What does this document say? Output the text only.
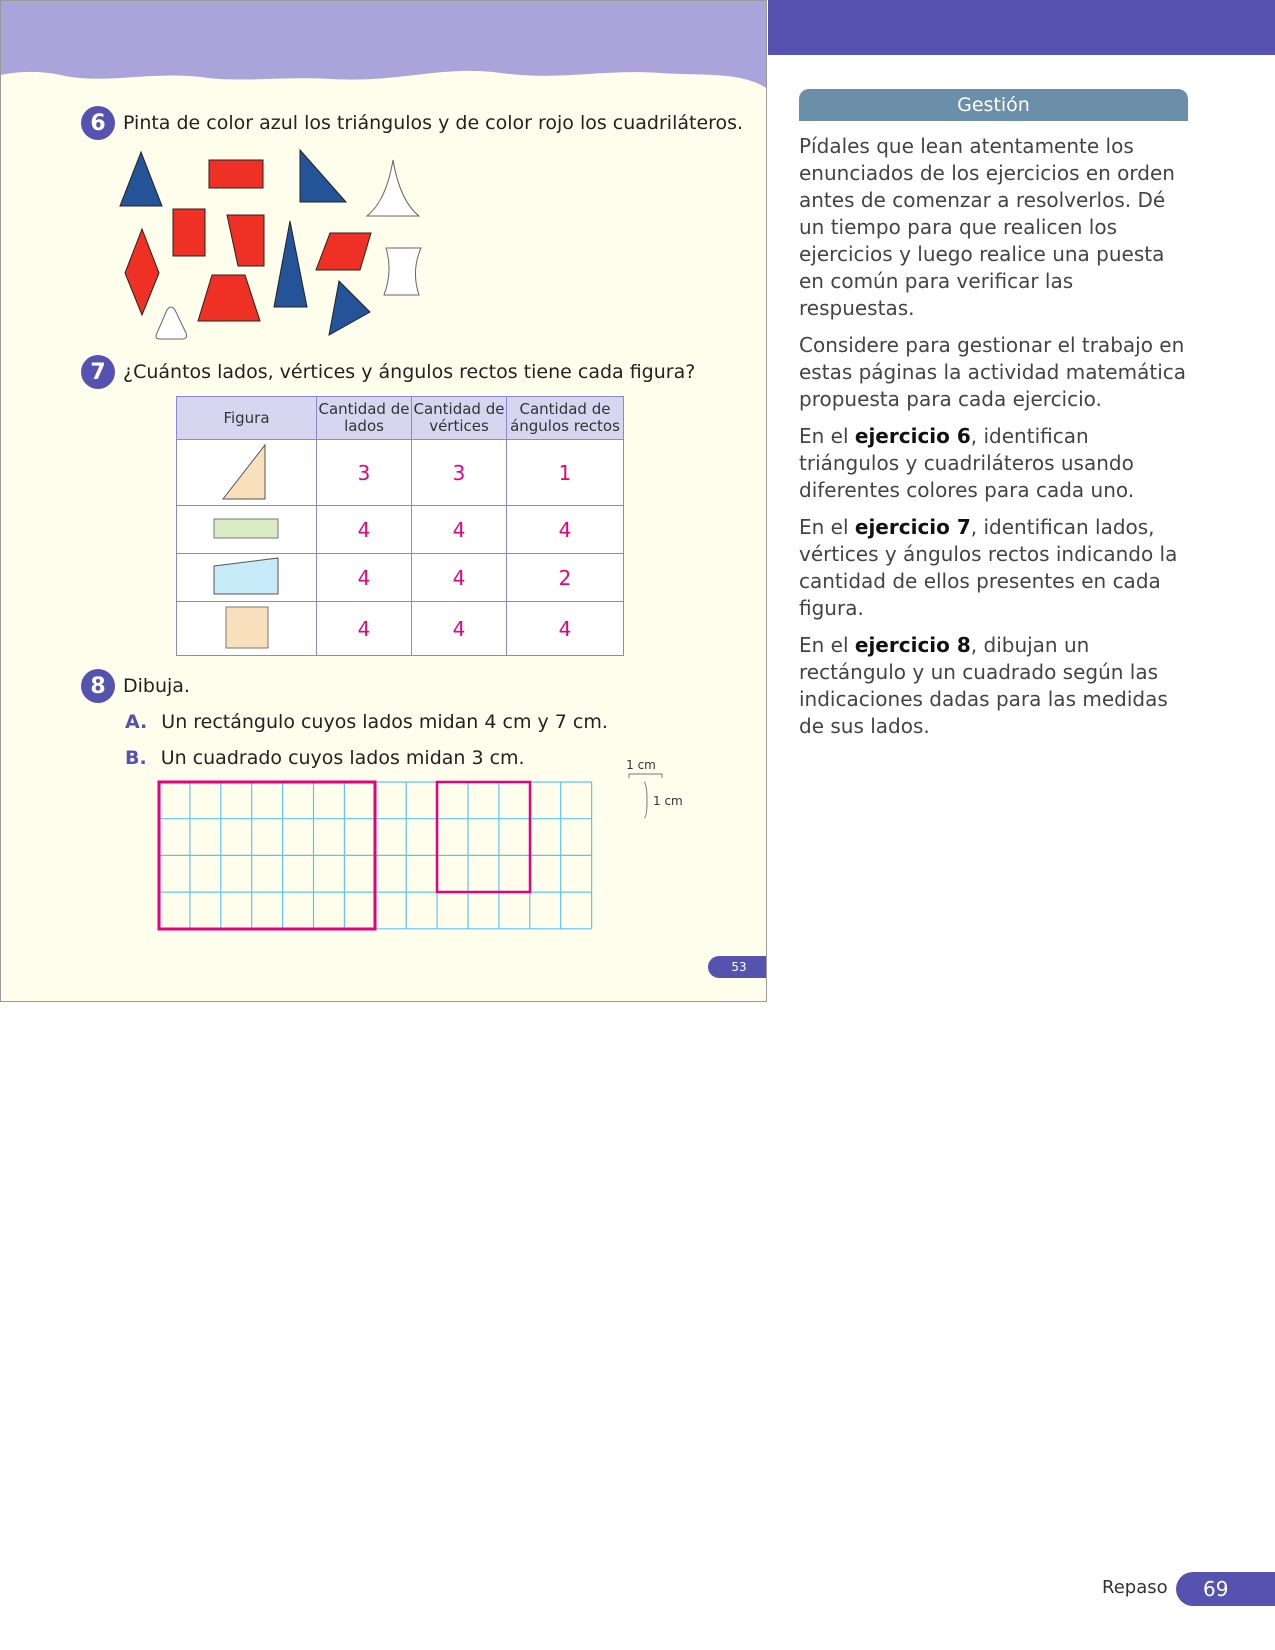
6 Pinta de color azul los triángulos y de color rojo los cuadriláteros.
7 ¿Cuántos lados, vértices y ángulos rectos tiene cada figura?
Figura	Cantidad de lados	Cantidad de vértices	Cantidad de ángulos rectos
	3	3	1
	4	4	4
	4	4	2
	4	4	4
8 Dibuja.
A. Un rectángulo cuyos lados midan 4 cm y 7 cm.
B. Un cuadrado cuyos lados midan 3 cm.	1 cm
1 cm
53
Gestión

Pídales que lean atentamente los enunciados de los ejercicios en orden antes de comenzar a resolverlos. Dé un tiempo para que realicen los ejercicios y luego realice una puesta en común para verificar las respuestas.

Considere para gestionar el trabajo en estas páginas la actividad matemática propuesta para cada ejercicio.

En el ejercicio 6, identifican triángulos y cuadriláteros usando diferentes colores para cada uno.

En el ejercicio 7, identifican lados, vértices y ángulos rectos indicando la cantidad de ellos presentes en cada figura.

En el ejercicio 8, dibujan un rectángulo y un cuadrado según las indicaciones dadas para las medidas de sus lados.

Repaso	69
